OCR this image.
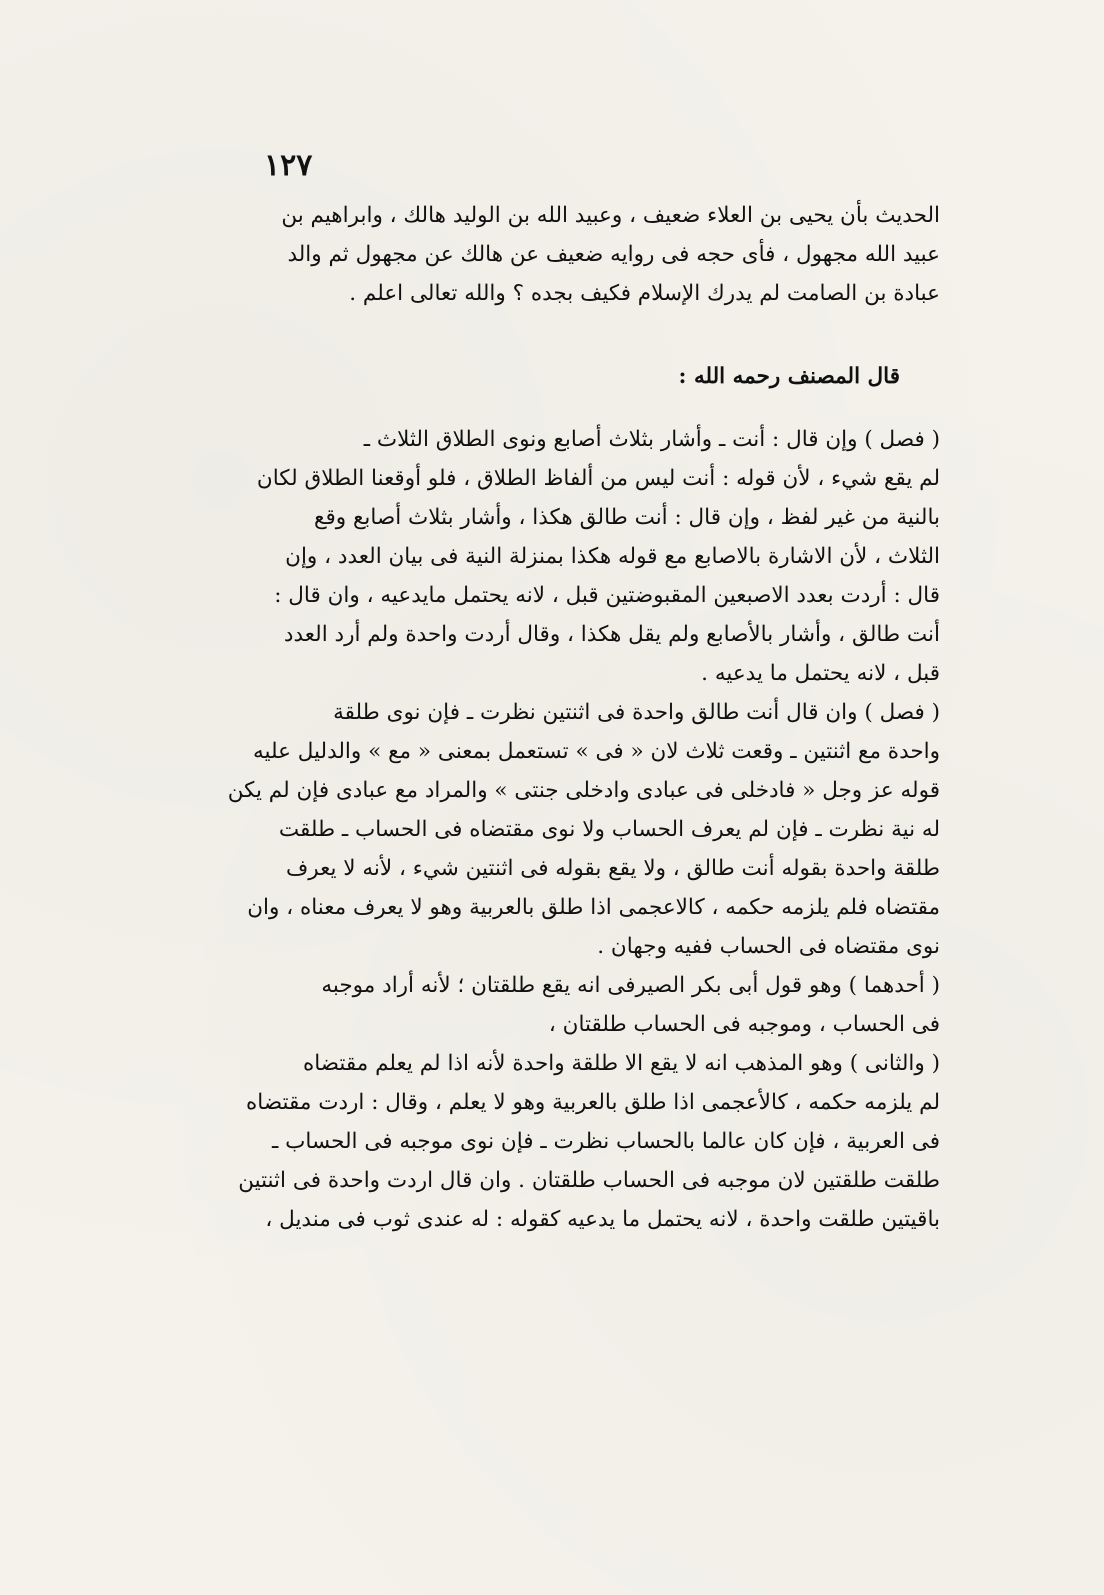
١٢٧
الحديث بأن يحيى بن العلاء ضعيف ، وعبيد الله بن الوليد هالك ، وابراهيم بن
عبيد الله مجهول ، فأى حجه فى روايه ضعيف عن هالك عن مجهول ثم والد
عبادة بن الصامت لم يدرك الإسلام فكيف بجده ؟ والله تعالى اعلم .
قال المصنف رحمه الله :
( فصل ) وإن قال : أنت ـ وأشار بثلاث أصابع ونوى الطلاق الثلاث ـ
لم يقع شيء ، لأن قوله : أنت ليس من ألفاظ الطلاق ، فلو أوقعنا الطلاق لكان
بالنية من غير لفظ ، وإن قال : أنت طالق هكذا ، وأشار بثلاث أصابع وقع
الثلاث ، لأن الاشارة بالاصابع مع قوله هكذا بمنزلة النية فى بيان العدد ، وإن
قال : أردت بعدد الاصبعين المقبوضتين قبل ، لانه يحتمل مايدعيه ، وان قال :
أنت طالق ، وأشار بالأصابع ولم يقل هكذا ، وقال أردت واحدة ولم أرد العدد
قبل ، لانه يحتمل ما يدعيه .
( فصل ) وان قال أنت طالق واحدة فى اثنتين نظرت ـ فإن نوى طلقة
واحدة مع اثنتين ـ وقعت ثلاث لان « فى » تستعمل بمعنى « مع » والدليل عليه
قوله عز وجل « فادخلى فى عبادى وادخلى جنتى » والمراد مع عبادى فإن لم يكن
له نية نظرت ـ فإن لم يعرف الحساب ولا نوى مقتضاه فى الحساب ـ طلقت
طلقة واحدة بقوله أنت طالق ، ولا يقع بقوله فى اثنتين شيء ، لأنه لا يعرف
مقتضاه فلم يلزمه حكمه ، كالاعجمى اذا طلق بالعربية وهو لا يعرف معناه ، وان
نوى مقتضاه فى الحساب ففيه وجهان .
( أحدهما ) وهو قول أبى بكر الصيرفى انه يقع طلقتان ؛ لأنه أراد موجبه
فى الحساب ، وموجبه فى الحساب طلقتان ،
( والثانى ) وهو المذهب انه لا يقع الا طلقة واحدة لأنه اذا لم يعلم مقتضاه
لم يلزمه حكمه ، كالأعجمى اذا طلق بالعربية وهو لا يعلم ، وقال : اردت مقتضاه
فى العربية ، فإن كان عالما بالحساب نظرت ـ فإن نوى موجبه فى الحساب ـ
طلقت طلقتين لان موجبه فى الحساب طلقتان . وان قال اردت واحدة فى اثنتين
باقيتين طلقت واحدة ، لانه يحتمل ما يدعيه كقوله : له عندى ثوب فى منديل ،
